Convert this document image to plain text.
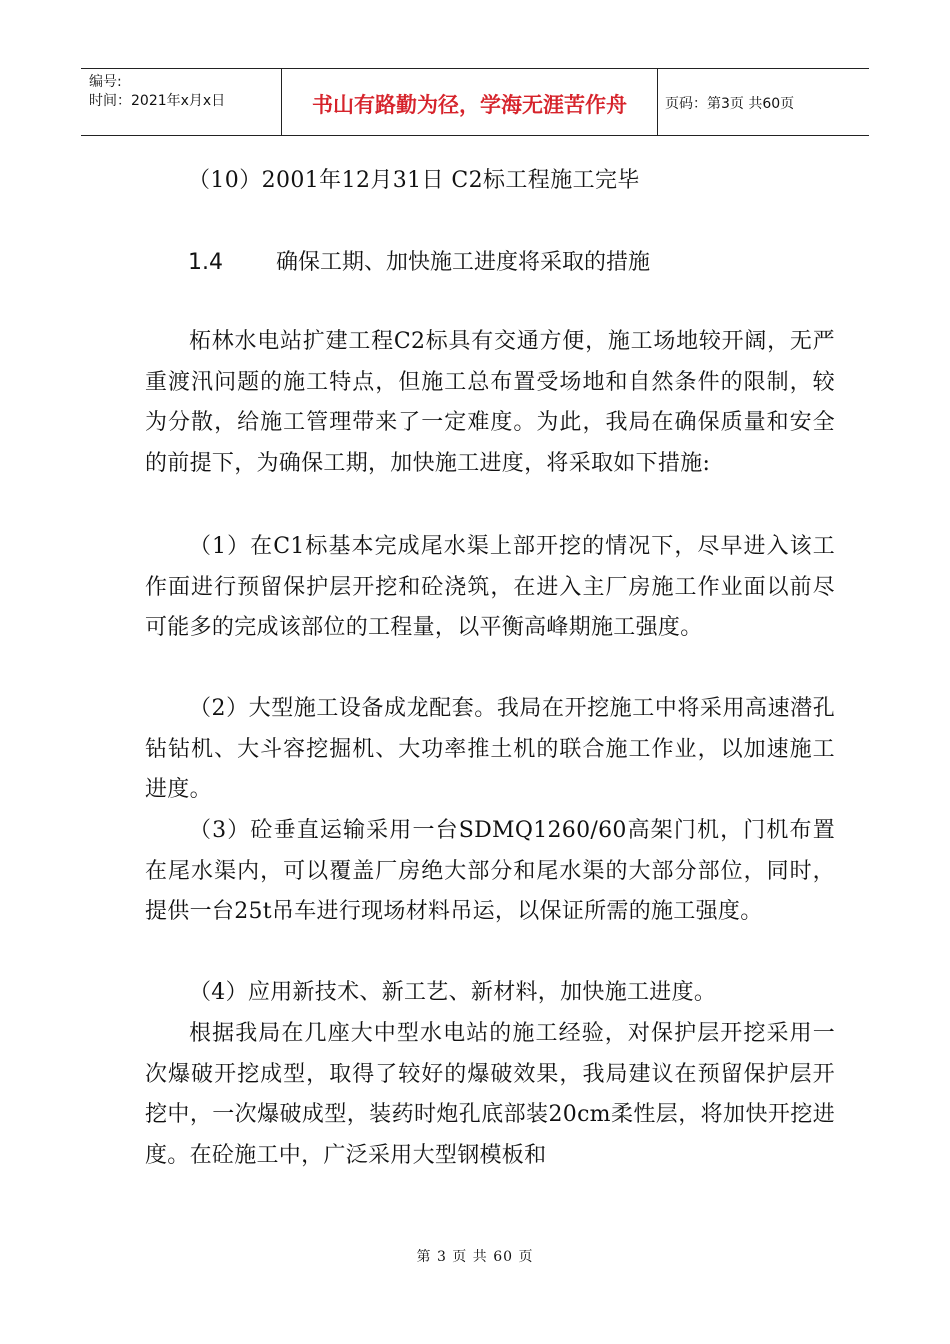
编号:
时间：2021年x月x日	书山有路勤为径，学海无涯苦作舟	页码：第3页 共60页
（10）2001年12月31日 C2标工程施工完毕
1.4 确保工期、加快施工进度将采取的措施

柘林水电站扩建工程C2标具有交通方便，施工场地较开阔，无严重渡汛问题的施工特点，但施工总布置受场地和自然条件的限制，较为分散，给施工管理带来了一定难度。为此，我局在确保质量和安全的前提下，为确保工期，加快施工进度，将采取如下措施:

（1）在C1标基本完成尾水渠上部开挖的情况下，尽早进入该工作面进行预留保护层开挖和砼浇筑，在进入主厂房施工作业面以前尽可能多的完成该部位的工程量，以平衡高峰期施工强度。

（2）大型施工设备成龙配套。我局在开挖施工中将采用高速潜孔钻钻机、大斗容挖掘机、大功率推土机的联合施工作业，以加速施工进度。

（3）砼垂直运输采用一台SDMQ1260/60高架门机，门机布置在尾水渠内，可以覆盖厂房绝大部分和尾水渠的大部分部位，同时，提供一台25t吊车进行现场材料吊运，以保证所需的施工强度。

（4）应用新技术、新工艺、新材料，加快施工进度。

根据我局在几座大中型水电站的施工经验，对保护层开挖采用一次爆破开挖成型，取得了较好的爆破效果，我局建议在预留保护层开挖中，一次爆破成型，装药时炮孔底部装20cm柔性层，将加快开挖进度。在砼施工中，广泛采用大型钢模板和

第 3 页 共 60 页
